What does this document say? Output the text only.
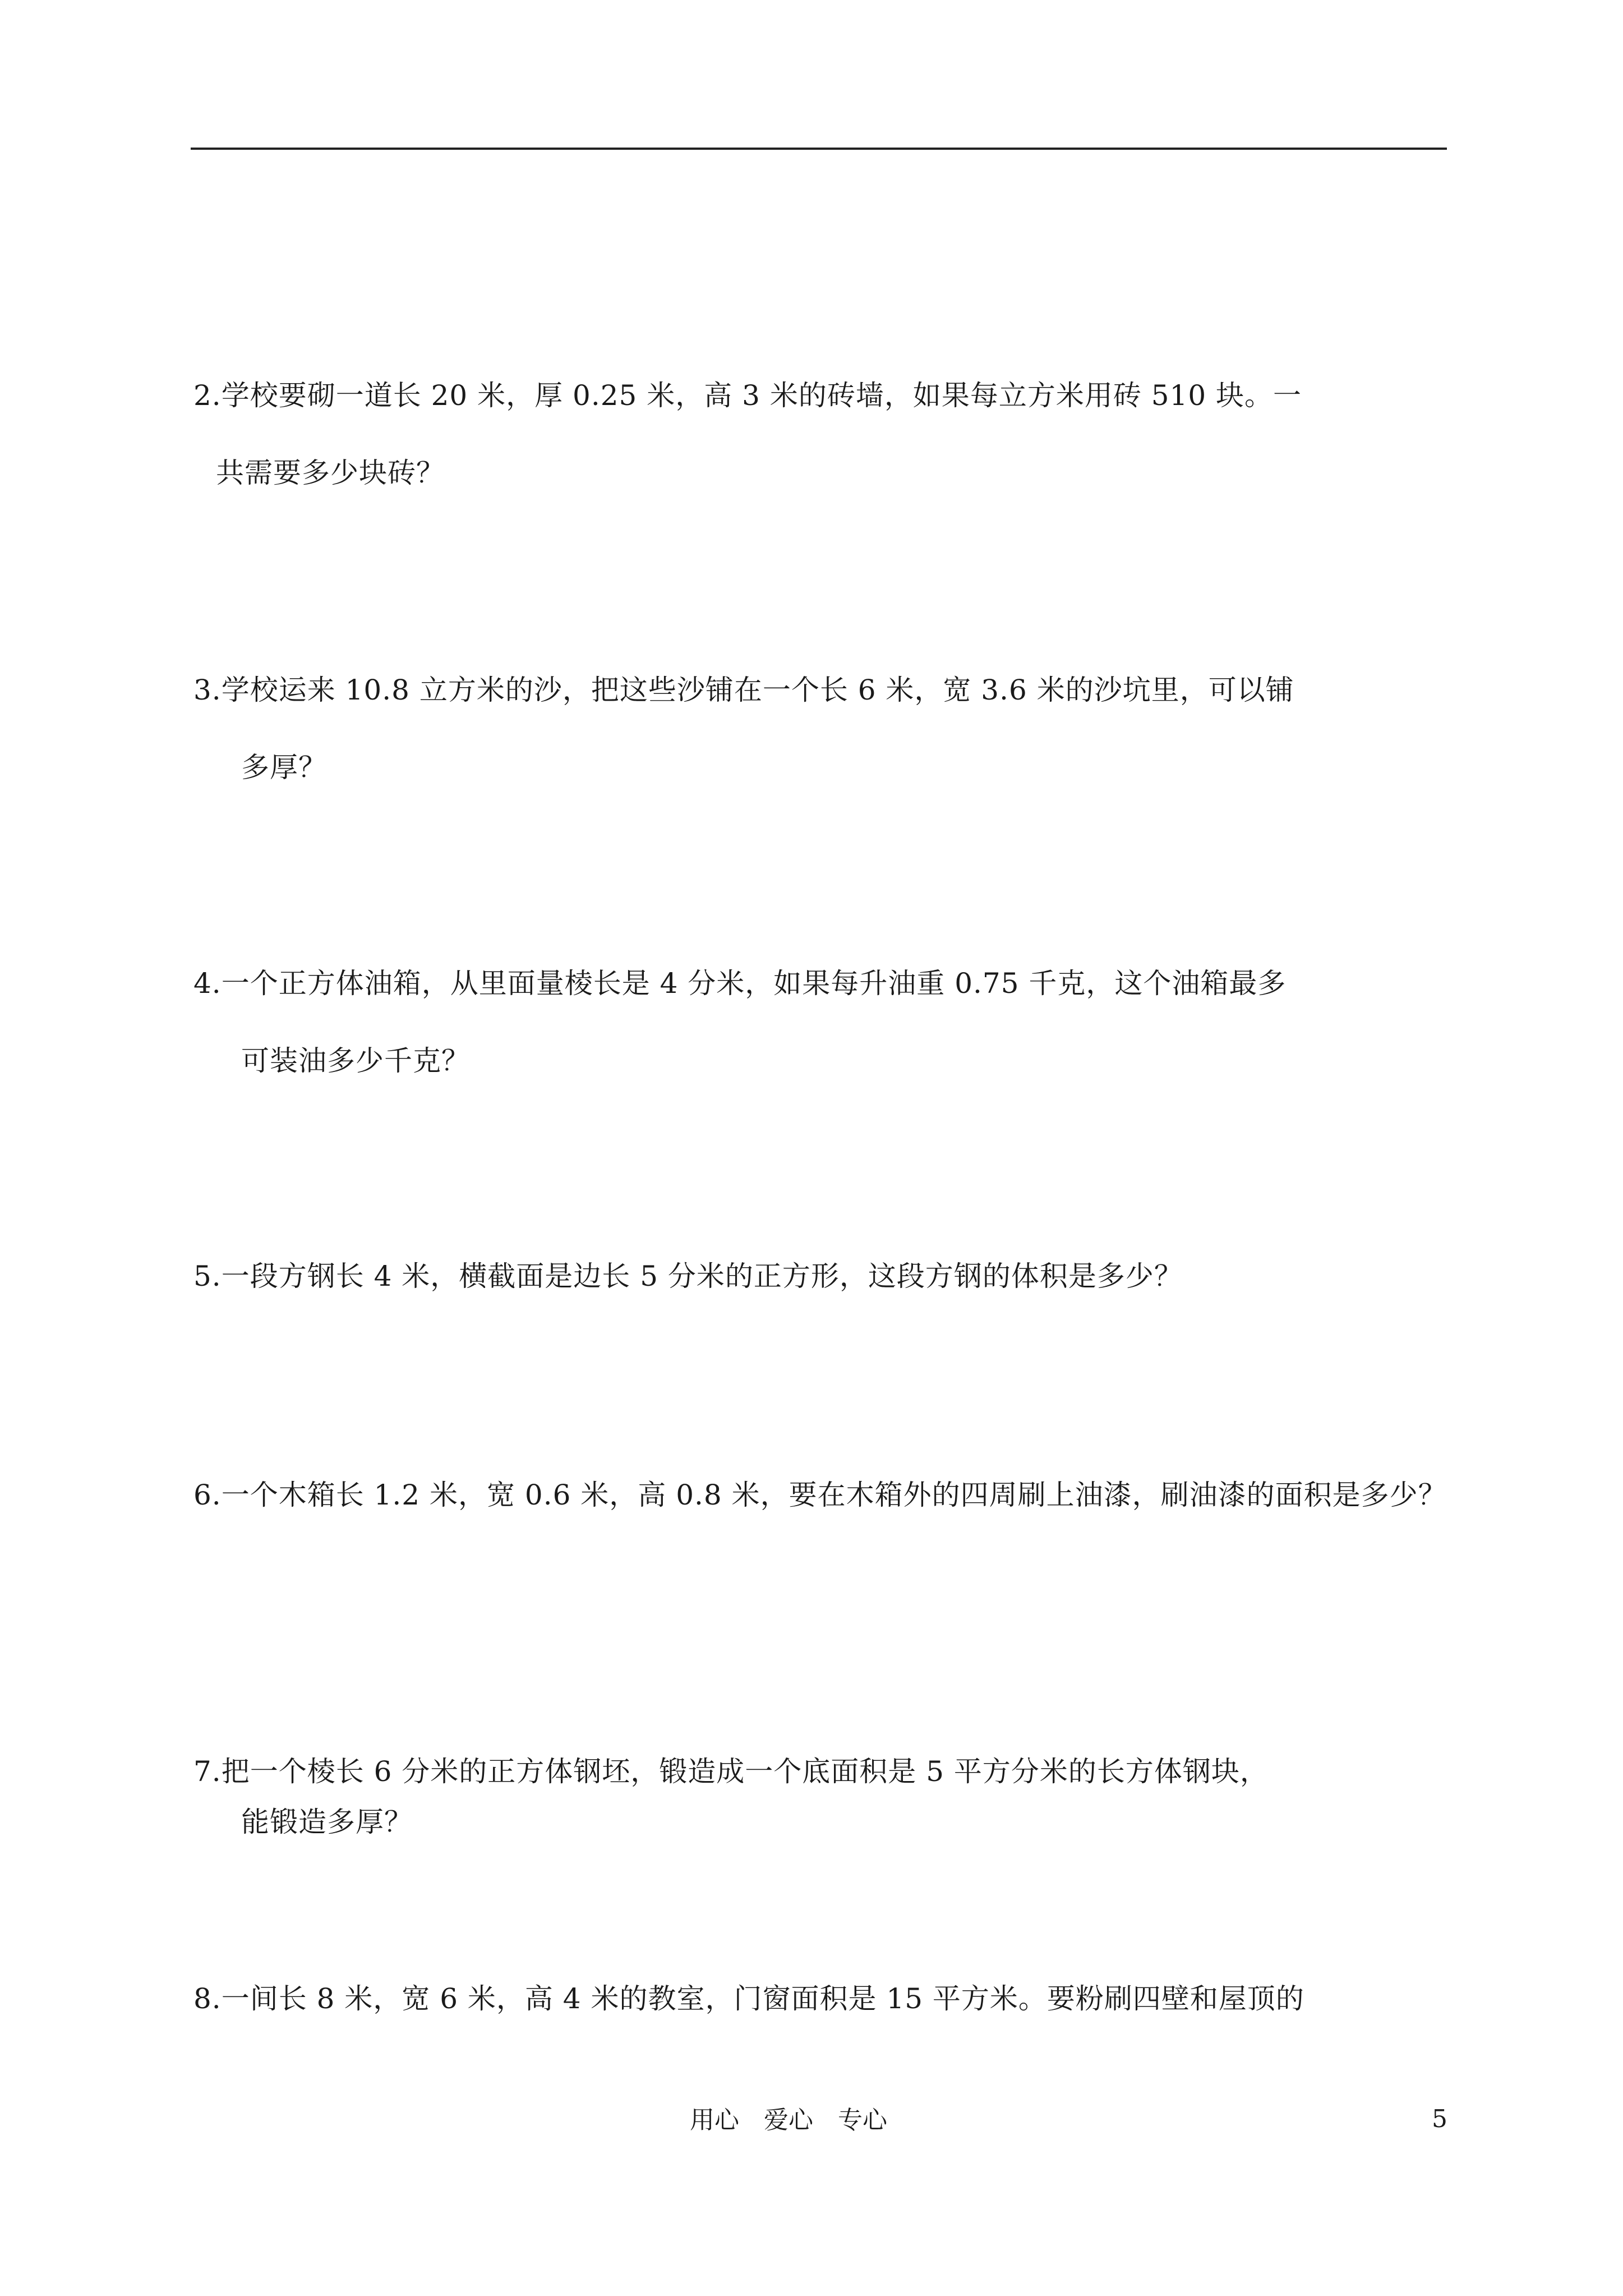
2.学校要砌一道长 20 米，厚 0.25 米，高 3 米的砖墙，如果每立方米用砖 510 块。一
共需要多少块砖？
3.学校运来 10.8 立方米的沙，把这些沙铺在一个长 6 米，宽 3.6 米的沙坑里，可以铺
多厚？
4.一个正方体油箱，从里面量棱长是 4 分米，如果每升油重 0.75 千克，这个油箱最多
可装油多少千克？
5.一段方钢长 4 米，横截面是边长 5 分米的正方形，这段方钢的体积是多少？
6.一个木箱长 1.2 米，宽 0.6 米，高 0.8 米，要在木箱外的四周刷上油漆，刷油漆的面积是多少？
7.把一个棱长 6 分米的正方体钢坯，锻造成一个底面积是 5 平方分米的长方体钢块，
能锻造多厚？
8.一间长 8 米，宽 6 米，高 4 米的教室，门窗面积是 15 平方米。要粉刷四壁和屋顶的
用心　爱心　专心	5
